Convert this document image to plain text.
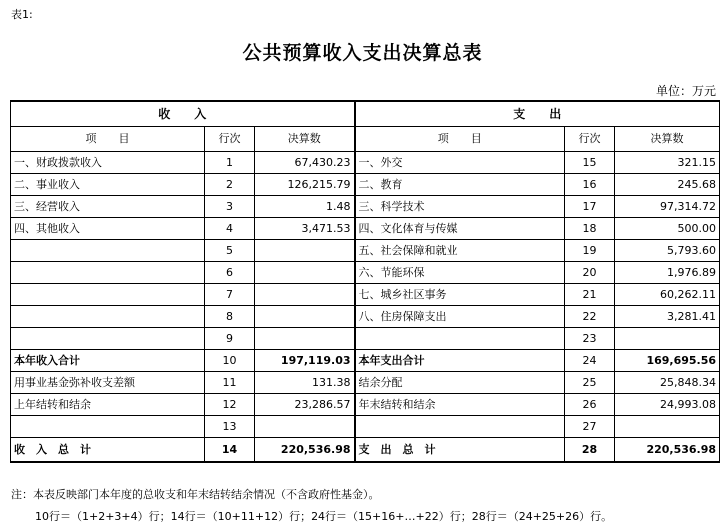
表1:
公共预算收入支出决算总表
单位：万元
收　　入			支　　出		
项　　目	行次	决算数	项　　目	行次	决算数
一、财政拨款收入	1	67,430.23	一、外交	15	321.15
二、事业收入	2	126,215.79	二、教育	16	245.68
三、经营收入	3	1.48	三、科学技术	17	97,314.72
四、其他收入	4	3,471.53	四、文化体育与传媒	18	500.00
	5		五、社会保障和就业	19	5,793.60
	6		六、节能环保	20	1,976.89
	7		七、城乡社区事务	21	60,262.11
	8		八、住房保障支出	22	3,281.41
	9			23	
本年收入合计	10	197,119.03	本年支出合计	24	169,695.56
用事业基金弥补收支差额	11	131.38	结余分配	25	25,848.34
上年结转和结余	12	23,286.57	年末结转和结余	26	24,993.08
	13			27	
收　入　总　计	14	220,536.98	支　出　总　计	28	220,536.98
注：本表反映部门本年度的总收支和年末结转结余情况（不含政府性基金）。
10行＝（1+2+3+4）行；14行＝（10+11+12）行；24行＝（15+16+…+22）行；28行＝（24+25+26）行。
